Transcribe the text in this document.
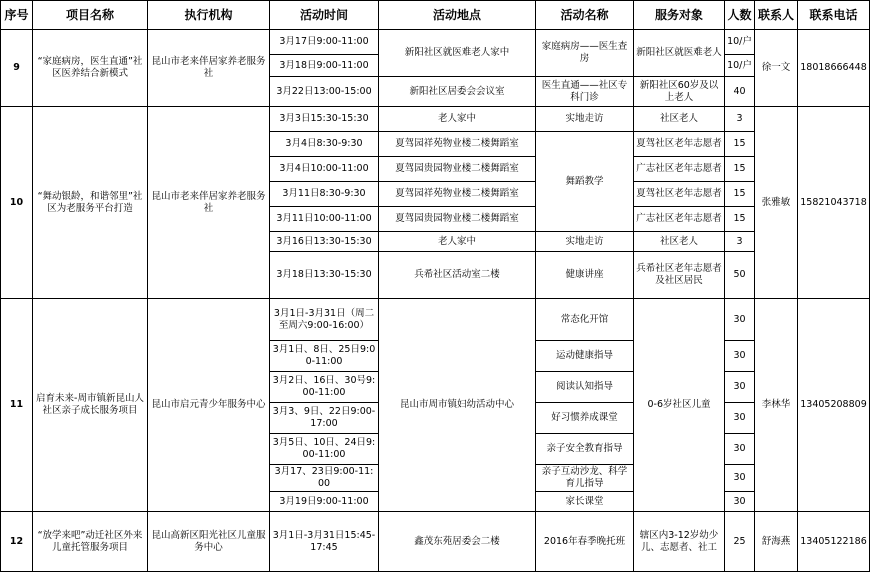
序号	项目名称	执行机构	活动时间	活动地点	活动名称	服务对象	人数	联系人	联系电话
9	“家庭病房，医生直通”社区医养结合新模式	昆山市老来伴居家养老服务社	3月17日9:00-11:00	新阳社区就医难老人家中	家庭病房——医生查房	新阳社区就医难老人	10/户	徐一文	18018666448
			3月18日9:00-11:00				10/户		
			3月22日13:00-15:00	新阳社区居委会会议室	医生直通——社区专科门诊	新阳社区60岁及以上老人	40		
10	“舞动银龄，和谐邻里”社区为老服务平台打造	昆山市老来伴居家养老服务社	3月3日15:30-15:30	老人家中	实地走访	社区老人	3	张雅敏	15821043718
			3月4日8:30-9:30	夏驾园祥苑物业楼二楼舞蹈室	舞蹈教学	夏驾社区老年志愿者	15		
			3月4日10:00-11:00	夏驾园贵园物业楼二楼舞蹈室		广志社区老年志愿者	15		
			3月11日8:30-9:30	夏驾园祥苑物业楼二楼舞蹈室		夏驾社区老年志愿者	15		
			3月11日10:00-11:00	夏驾园贵园物业楼二楼舞蹈室		广志社区老年志愿者	15		
			3月16日13:30-15:30	老人家中	实地走访	社区老人	3		
			3月18日13:30-15:30	兵希社区活动室二楼	健康讲座	兵希社区老年志愿者及社区居民	50		
11	启育未来-周市镇新昆山人社区亲子成长服务项目	昆山市启元青少年服务中心	3月1日-3月31日（周二至周六9:00-16:00）	昆山市周市镇妇幼活动中心	常态化开馆	0-6岁社区儿童	30	李林华	13405208809
			3月1日、8日、25日9:00-11:00		运动健康指导		30		
			3月2日、16日、30号9:00-11:00		阅读认知指导		30		
			3月3、9日、22日9:00-17:00		好习惯养成课堂		30		
			3月5日、10日、24日9:00-11:00		亲子安全教育指导		30		
			3月17、23日9:00-11:00		亲子互动沙龙、科学育儿指导		30		
			3月19日9:00-11:00		家长课堂		30		
12	“放学来吧”动迁社区外来儿童托管服务项目	昆山高新区阳光社区儿童服务中心	3月1日-3月31日15:45-17:45	鑫茂东苑居委会二楼	2016年春季晚托班	辖区内3-12岁幼少儿、志愿者、社工	25	舒海燕	13405122186
